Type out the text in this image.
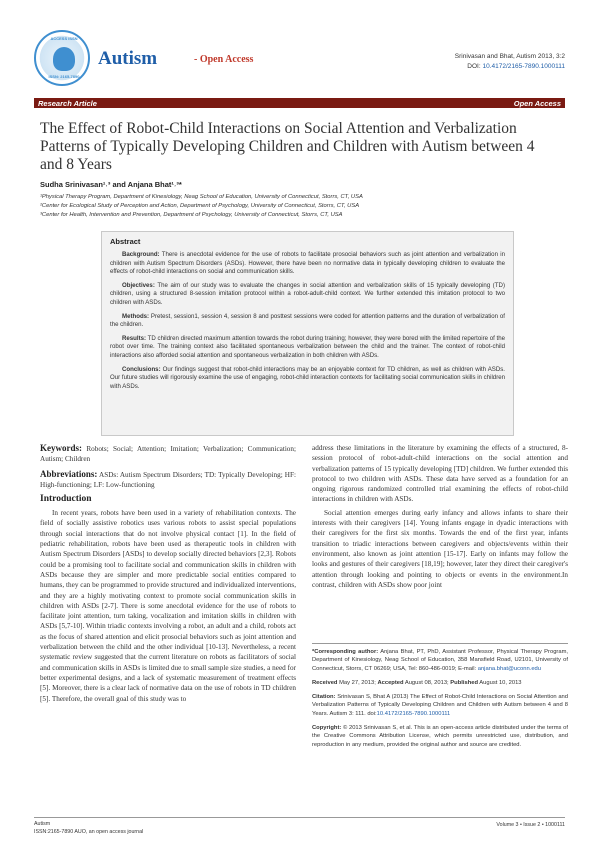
ACCESS ISSN
ISSN: 2165-7890
Autism	- Open Access	Srinivasan and Bhat, Autism 2013, 3:2
DOI: 10.4172/2165-7890.1000111
Research Article	Open Access
The Effect of Robot-Child Interactions on Social Attention and Verbalization Patterns of Typically Developing Children and Children with Autism between 4 and 8 Years
Sudha Srinivasan¹˒³ and Anjana Bhat¹˒³*
¹Physical Therapy Program, Department of Kinesiology, Neag School of Education, University of Connecticut, Storrs, CT, USA
²Center for Ecological Study of Perception and Action, Department of Psychology, University of Connecticut, Storrs, CT, USA
³Center for Health, Intervention and Prevention, Department of Psychology, University of Connecticut, Storrs, CT, USA
Abstract

Background: There is anecdotal evidence for the use of robots to facilitate prosocial behaviors such as joint attention and verbalization in children with Autism Spectrum Disorders (ASDs). However, there have been no normative data in typically developing children to evaluate the effects of robot-child interactions on social and communication skills.

Objectives: The aim of our study was to evaluate the changes in social attention and verbalization skills of 15 typically developing (TD) children, using a structured 8-session imitation protocol within a robot-adult-child context. We further extended this imitation protocol to two children with ASDs.

Methods: Pretest, session1, session 4, session 8 and posttest sessions were coded for attention patterns and the duration of verbalization of the children.

Results: TD children directed maximum attention towards the robot during training; however, they were bored with the limited repertoire of the robot over time. The training context also facilitated spontaneous verbalization between the child and the trainer. The context of robot-child interactions also afforded social attention and spontaneous verbalization in both children with ASDs.

Conclusions: Our findings suggest that robot-child interactions may be an enjoyable context for TD children, as well as children with ASDs. Our future studies will rigorously examine the use of engaging, robot-child interaction contexts for facilitating social communication skills in children with ASDs.

Keywords: Robots; Social; Attention; Imitation; Verbalization; Communication; Autism; Children
Abbreviations: ASDs: Autism Spectrum Disorders; TD: Typically Developing; HF: High-functioning; LF: Low-functioning
Introduction
In recent years, robots have been used in a variety of rehabilitation contexts. The field of socially assistive robotics uses various robots to assist special populations through social interactions that do not involve physical contact [1]. In the field of pediatric rehabilitation, robots have been used as therapeutic tools in children with Autism Spectrum Disorders [ASDs] to develop socially directed behaviors [2,3]. Robots could be a promising tool to facilitate social and communication skills in children with ASDs because they are simpler and more predictable social entities compared to humans, they can be programmed to provide structured and individualized interventions, and they are a highly motivating context to promote social communication skills in children with ASDs [2-7]. There is some anecdotal evidence for the use of robots to facilitate joint attention, turn taking, vocalization and imitation skills in children with ASDs [5,7-10]. Within triadic contexts involving a robot, an adult and a child, robots act as the focus of shared attention and elicit prosocial behaviors such as joint attention and verbalization between the child and the other individual [10-13]. Nevertheless, a recent systematic review suggested that the current literature on robots as facilitators of social and communication skills in ASDs is limited due to small sample size studies, a need for better experimental designs, and a lack of systematic measurement of treatment effects [5]. Moreover, there is a clear lack of normative data on the use of robots in TD children [5]. Therefore, the overall goal of this study was to
address these limitations in the literature by examining the effects of a structured, 8-session protocol of robot-adult-child interactions on the social attention and verbalization patterns of 15 typically developing [TD] children. We further extended this protocol to two children with ASDs. These data have served as a foundation for an ongoing rigorous randomized controlled trial examining the effects of robot-child interactions in children with ASDs.
Social attention emerges during early infancy and allows infants to share their interests with their caregivers [14]. Young infants engage in dyadic interactions with their caregivers for the first six months. Towards the end of the first year, infants transition to triadic interactions between caregivers and objects/events within their environment, also known as joint attention [15-17]. Early on infants may follow the looks and gestures of their caregivers [18,19]; however, later they direct their caregiver's attention through looking and pointing to objects or events in the environment.In contrast, children with ASDs show poor joint

*Corresponding author: Anjana Bhat, PT, PhD, Assistant Professor, Physical Therapy Program, Department of Kinesiology, Neag School of Education, 358 Mansfield Road, U2101, University of Connecticut, Storrs, CT 06269; USA, Tel: 860-486-0019; E-mail: anjana.bhat@uconn.edu

Received May 27, 2013; Accepted August 08, 2013; Published August 10, 2013

Citation: Srinivasan S, Bhat A (2013) The Effect of Robot-Child Interactions on Social Attention and Verbalization Patterns of Typically Developing Children and Children with Autism between 4 and 8 Years. Autism 3: 111. doi:10.4172/2165-7890.1000111

Copyright: © 2013 Srinivasan S, et al. This is an open-access article distributed under the terms of the Creative Commons Attribution License, which permits unrestricted use, distribution, and reproduction in any medium, provided the original author and source are credited.

Autism
ISSN:2165-7890 AUO, an open access journal
Volume 3 • Issue 2 • 1000111
